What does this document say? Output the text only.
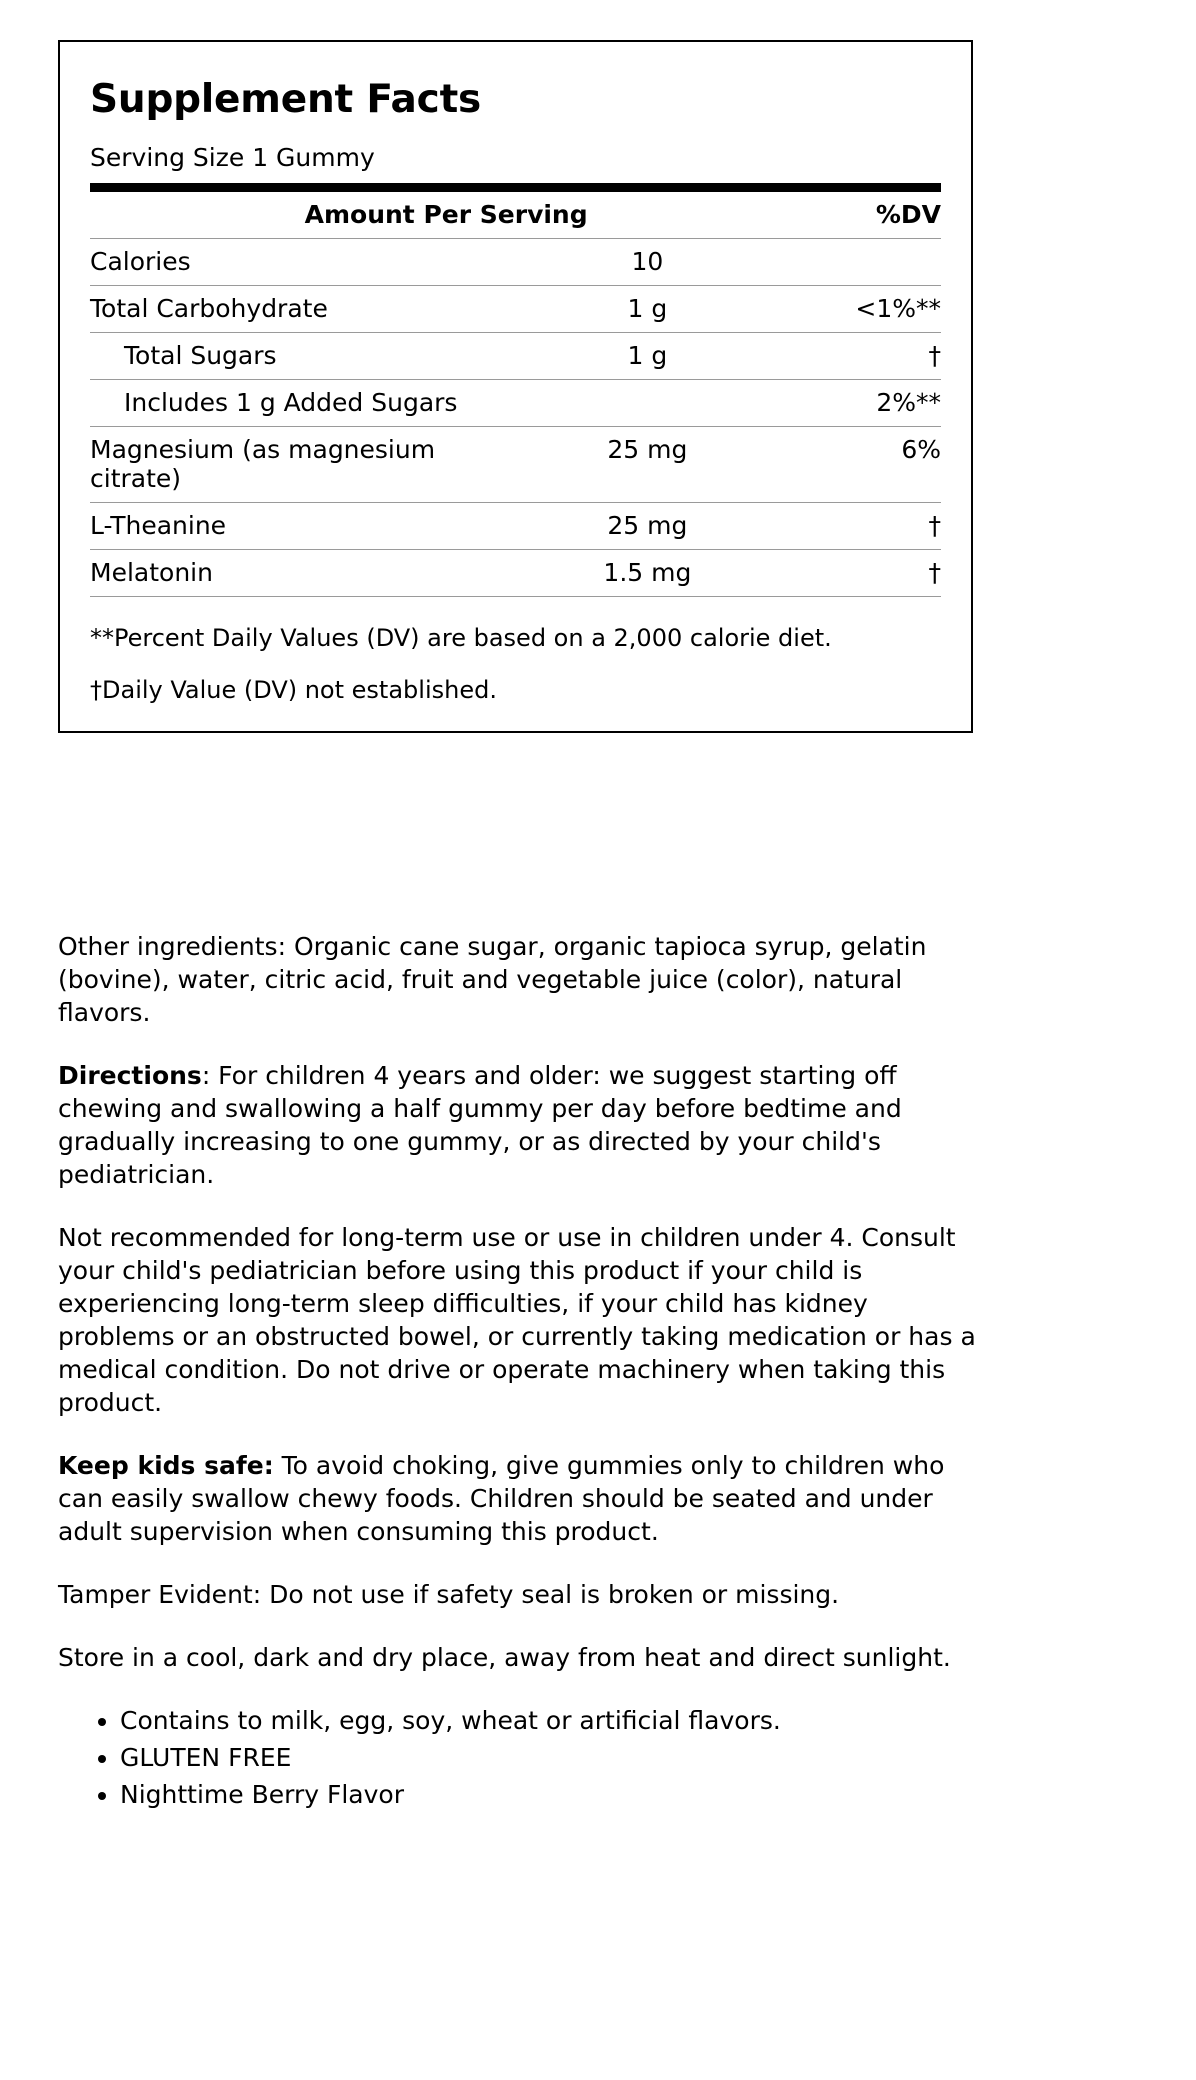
Supplement Facts
Serving Size 1 Gummy
Amount Per Serving		%DV
Calories	10	
Total Carbohydrate	1 g	<1%**
Total Sugars	1 g	†
Includes 1 g Added Sugars		2%**
Magnesium (as magnesium citrate)	25 mg	6%
L-Theanine	25 mg	†
Melatonin	1.5 mg	†

**Percent Daily Values (DV) are based on a 2,000 calorie diet.

†Daily Value (DV) not established.

Other ingredients: Organic cane sugar, organic tapioca syrup, gelatin (bovine), water, citric acid, fruit and vegetable juice (color), natural flavors.

Directions: For children 4 years and older: we suggest starting off chewing and swallowing a half gummy per day before bedtime and gradually increasing to one gummy, or as directed by your child's pediatrician.

Not recommended for long-term use or use in children under 4. Consult your child's pediatrician before using this product if your child is experiencing long-term sleep difficulties, if your child has kidney problems or an obstructed bowel, or currently taking medication or has a medical condition. Do not drive or operate machinery when taking this product.

Keep kids safe: To avoid choking, give gummies only to children who can easily swallow chewy foods. Children should be seated and under adult supervision when consuming this product.

Tamper Evident: Do not use if safety seal is broken or missing.

Store in a cool, dark and dry place, away from heat and direct sunlight.

• Contains to milk, egg, soy, wheat or artificial flavors.
• GLUTEN FREE
• Nighttime Berry Flavor
